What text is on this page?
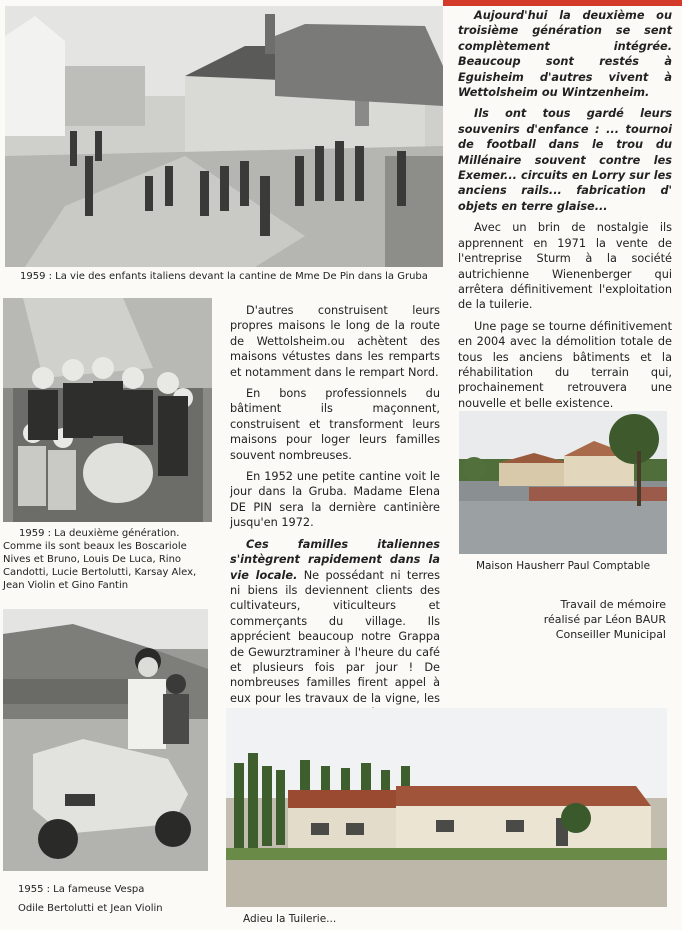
1959 : La vie des enfants italiens devant la cantine de Mme De Pin dans la Gruba

Aujourd'hui la deuxième ou troisième génération se sent complètement intégrée. Beaucoup sont restés à Eguisheim d'autres vivent à Wettolsheim ou Wintzenheim.

Ils ont tous gardé leurs souvenirs d'enfance : ... tournoi de football dans le trou du Millénaire souvent contre les Exemer... circuits en Lorry sur les anciens rails... fabrication d' objets en terre glaise...

Avec un brin de nostalgie ils apprennent en 1971 la vente de l'entreprise Sturm à la société autrichienne Wienenberger qui arrêtera définitivement l'exploitation de la tuilerie.

Une page se tourne définitivement en 2004 avec la démolition totale de tous les anciens bâtiments et la réhabilitation du terrain qui, prochainement retrouvera une nouvelle et belle existence.

1959 : La deuxième génération. Comme ils sont beaux les Boscariole Nives et Bruno, Louis De Luca, Rino Candotti, Lucie Bertolutti, Karsay Alex, Jean Violin et Gino Fantin

D'autres construisent leurs propres maisons le long de la route de Wettolsheim.ou achètent des maisons vétustes dans les remparts et notamment dans le rempart Nord.

En bons professionnels du bâtiment ils maçonnent, construisent et transforment leurs maisons pour loger leurs familles souvent nombreuses.

En 1952 une petite cantine voit le jour dans la Gruba. Madame Elena DE PIN sera la dernière cantinière jusqu'en 1972.

Ces familles italiennes s'intègrent rapidement dans la vie locale. Ne possédant ni terres ni biens ils deviennent clients des cultivateurs, viticulteurs et commerçants du village. Ils apprécient beaucoup notre Grappa de Gewurztraminer à l'heure du café et plusieurs fois par jour ! De nombreuses familles firent appel à eux pour les travaux de la vigne, les

Maison Hausherr Paul Comptable
Travail de mémoire
réalisé par Léon BAUR
Conseiller Municipal
1955 : La fameuse Vespa
Odile Bertolutti et Jean Violin
Adieu la Tuilerie...
